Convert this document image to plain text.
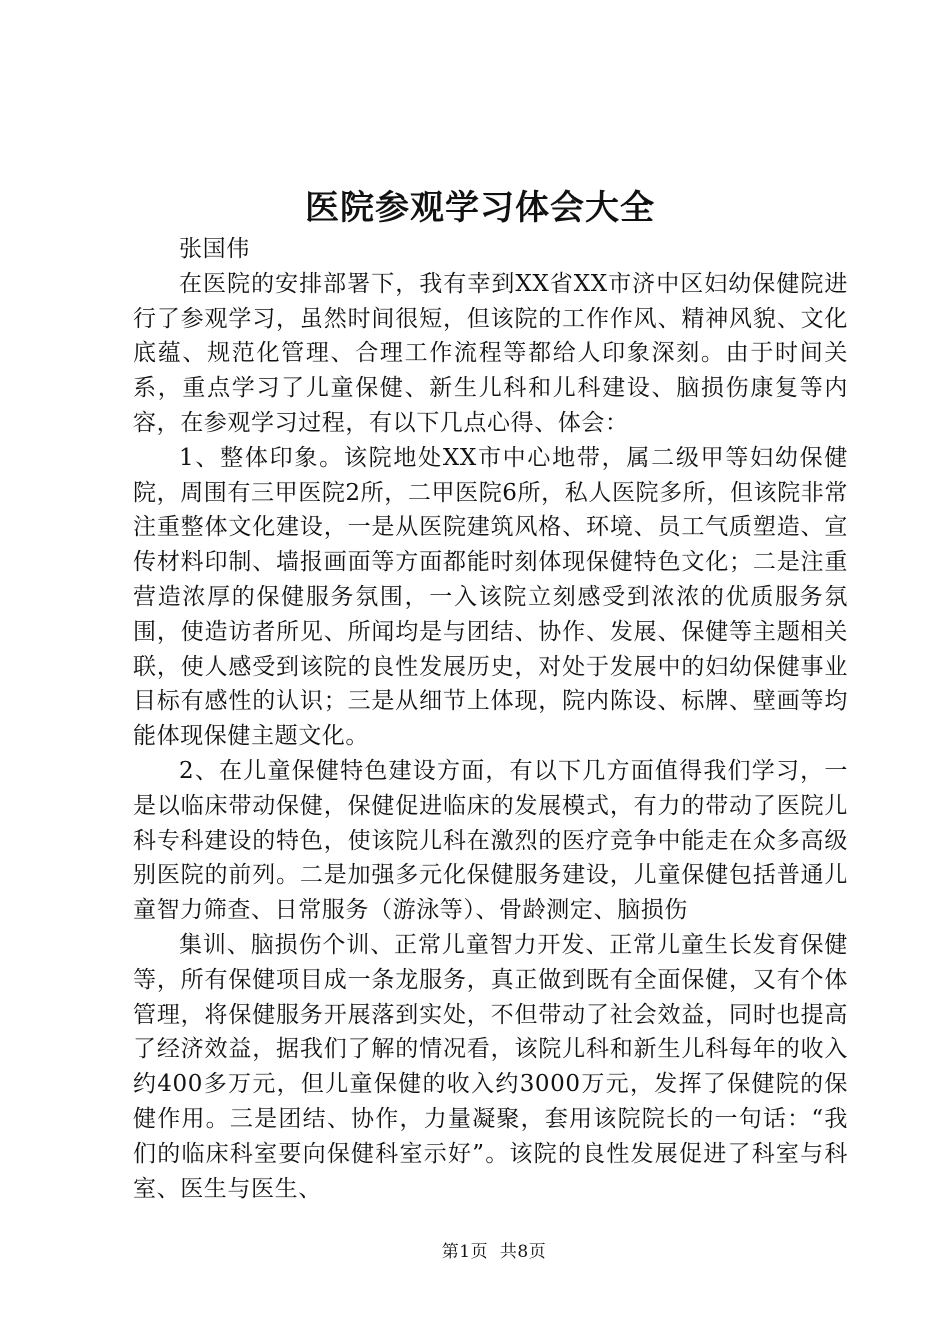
医院参观学习体会大全

张国伟

在医院的安排部署下，我有幸到XX省XX市济中区妇幼保健院进行了参观学习，虽然时间很短，但该院的工作作风、精神风貌、文化底蕴、规范化管理、合理工作流程等都给人印象深刻。由于时间关系，重点学习了儿童保健、新生儿科和儿科建设、脑损伤康复等内容，在参观学习过程，有以下几点心得、体会：

1、整体印象。该院地处XX市中心地带，属二级甲等妇幼保健院，周围有三甲医院2所，二甲医院6所，私人医院多所，但该院非常注重整体文化建设，一是从医院建筑风格、环境、员工气质塑造、宣传材料印制、墙报画面等方面都能时刻体现保健特色文化；二是注重营造浓厚的保健服务氛围，一入该院立刻感受到浓浓的优质服务氛围，使造访者所见、所闻均是与团结、协作、发展、保健等主题相关联，使人感受到该院的良性发展历史，对处于发展中的妇幼保健事业目标有感性的认识；三是从细节上体现，院内陈设、标牌、壁画等均能体现保健主题文化。

2、在儿童保健特色建设方面，有以下几方面值得我们学习，一是以临床带动保健，保健促进临床的发展模式，有力的带动了医院儿科专科建设的特色，使该院儿科在激烈的医疗竞争中能走在众多高级别医院的前列。二是加强多元化保健服务建设，儿童保健包括普通儿童智力筛查、日常服务（游泳等）、骨龄测定、脑损伤

集训、脑损伤个训、正常儿童智力开发、正常儿童生长发育保健等，所有保健项目成一条龙服务，真正做到既有全面保健，又有个体管理，将保健服务开展落到实处，不但带动了社会效益，同时也提高了经济效益，据我们了解的情况看，该院儿科和新生儿科每年的收入约400多万元，但儿童保健的收入约3000万元，发挥了保健院的保健作用。三是团结、协作，力量凝聚，套用该院院长的一句话：“我们的临床科室要向保健科室示好”。该院的良性发展促进了科室与科室、医生与医生、

第1页 共8页
